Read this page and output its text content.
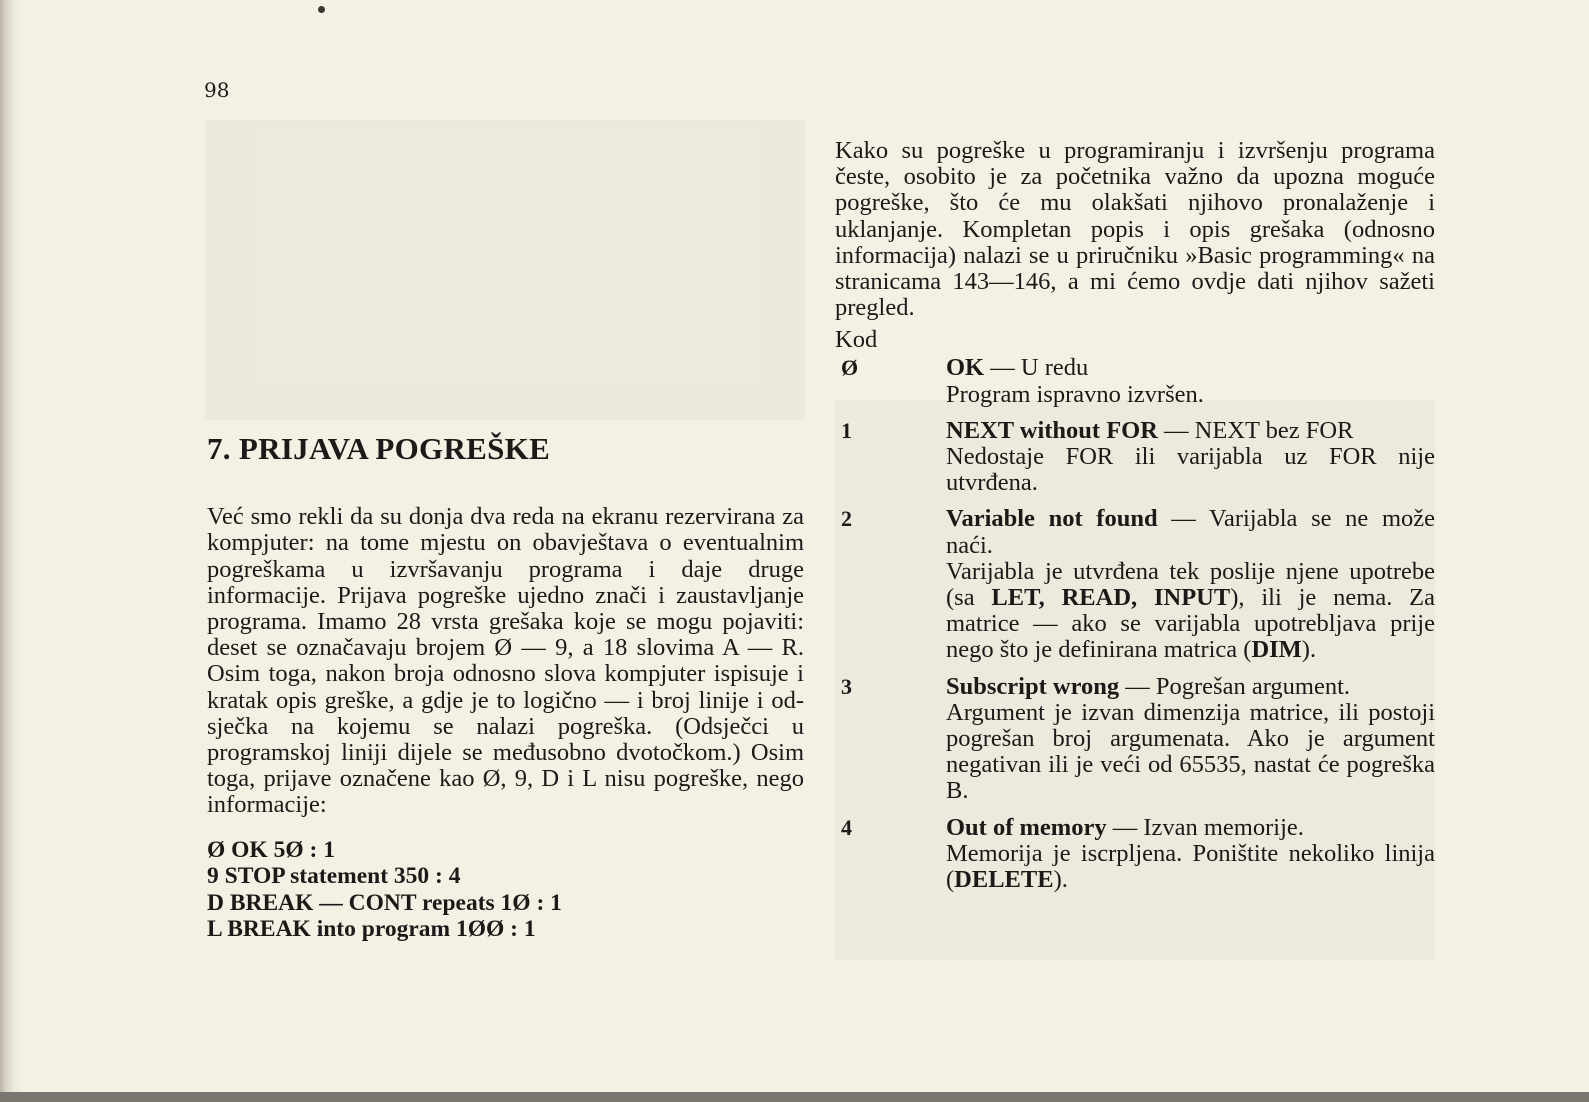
98
7. PRIJAVA POGREŠKE

Već smo rekli da su donja dva reda na ekranu rezervirana za kompjuter: na tome mjestu on obavještava o eventualnim pogreškama u izvršavanju programa i daje druge informacije. Prijava pogreške ujedno znači i zaustavljanje programa. Imamo 28 vrsta grešaka koje se mogu pojaviti: deset se označavaju brojem Ø — 9, a 18 slovima A — R. Osim toga, nakon broja odnosno slova kompjuter ispisuje i kratak opis greške, a gdje je to logično — i broj linije i odsječka na kojemu se nalazi pogreška. (Odsječci u programskoj liniji dijele se međusobno dvotočkom.) Osim toga, prijave označene kao Ø, 9, D i L nisu pogreške, nego informacije:

Ø OK 5Ø : 1
9 STOP statement 350 : 4
D BREAK — CONT repeats 1Ø : 1
L BREAK into program 1ØØ : 1

Kako su pogreške u programiranju i izvršenju programa česte, osobito je za početnika važno da upozna moguće pogreške, što će mu olakšati njihovo pronalaženje i uklanjanje. Kompletan popis i opis grešaka (odnosno informacija) nalazi se u priručniku »Basic programming« na stranicama 143—146, a mi ćemo ovdje dati njihov sažeti pregled.

Kod
Ø	OK — U redu
Program ispravno izvršen.
1	NEXT without FOR — NEXT bez FOR
Nedostaje FOR ili varijabla uz FOR nije utvrđena.
2	Variable not found — Varijabla se ne može naći.
Varijabla je utvrđena tek poslije njene upotrebe (sa LET, READ, INPUT), ili je nema. Za matrice — ako se varijabla upotrebljava prije nego što je definirana matrica (DIM).
3	Subscript wrong — Pogrešan argument.
Argument je izvan dimenzija matrice, ili postoji pogrešan broj argumenata. Ako je argument negativan ili je veći od 65535, nastat će pogreška B.
4	Out of memory — Izvan memorije.
Memorija je iscrpljena. Poništite nekoliko linija (DELETE).
